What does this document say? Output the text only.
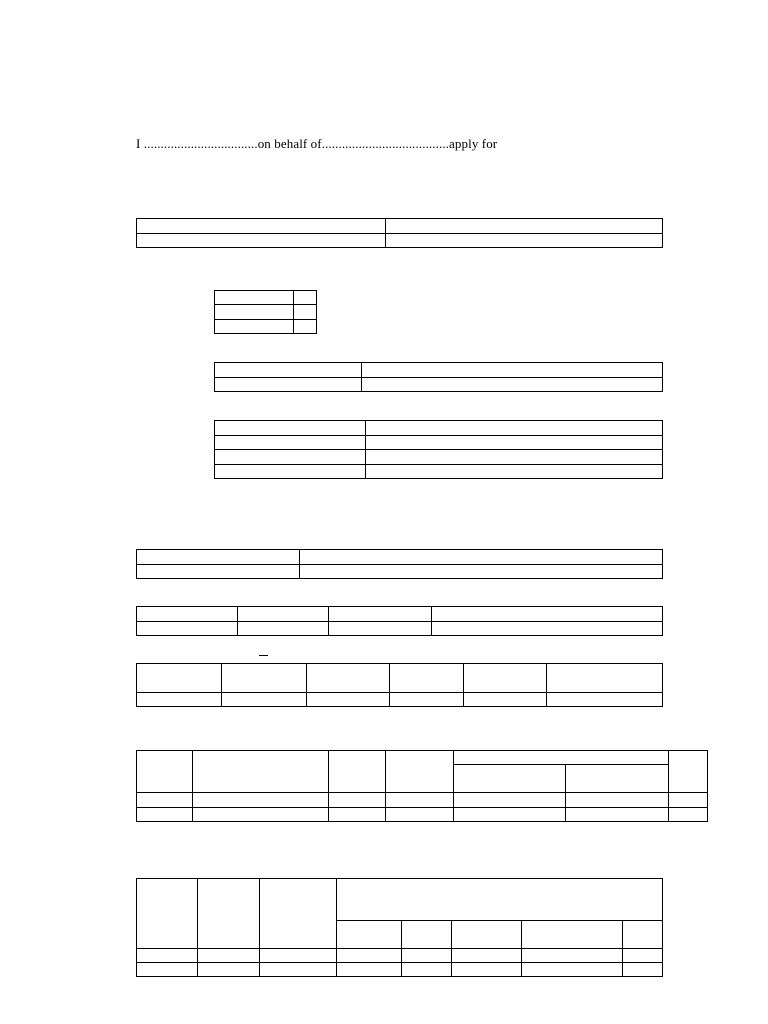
I ..................................on behalf of......................................apply for
